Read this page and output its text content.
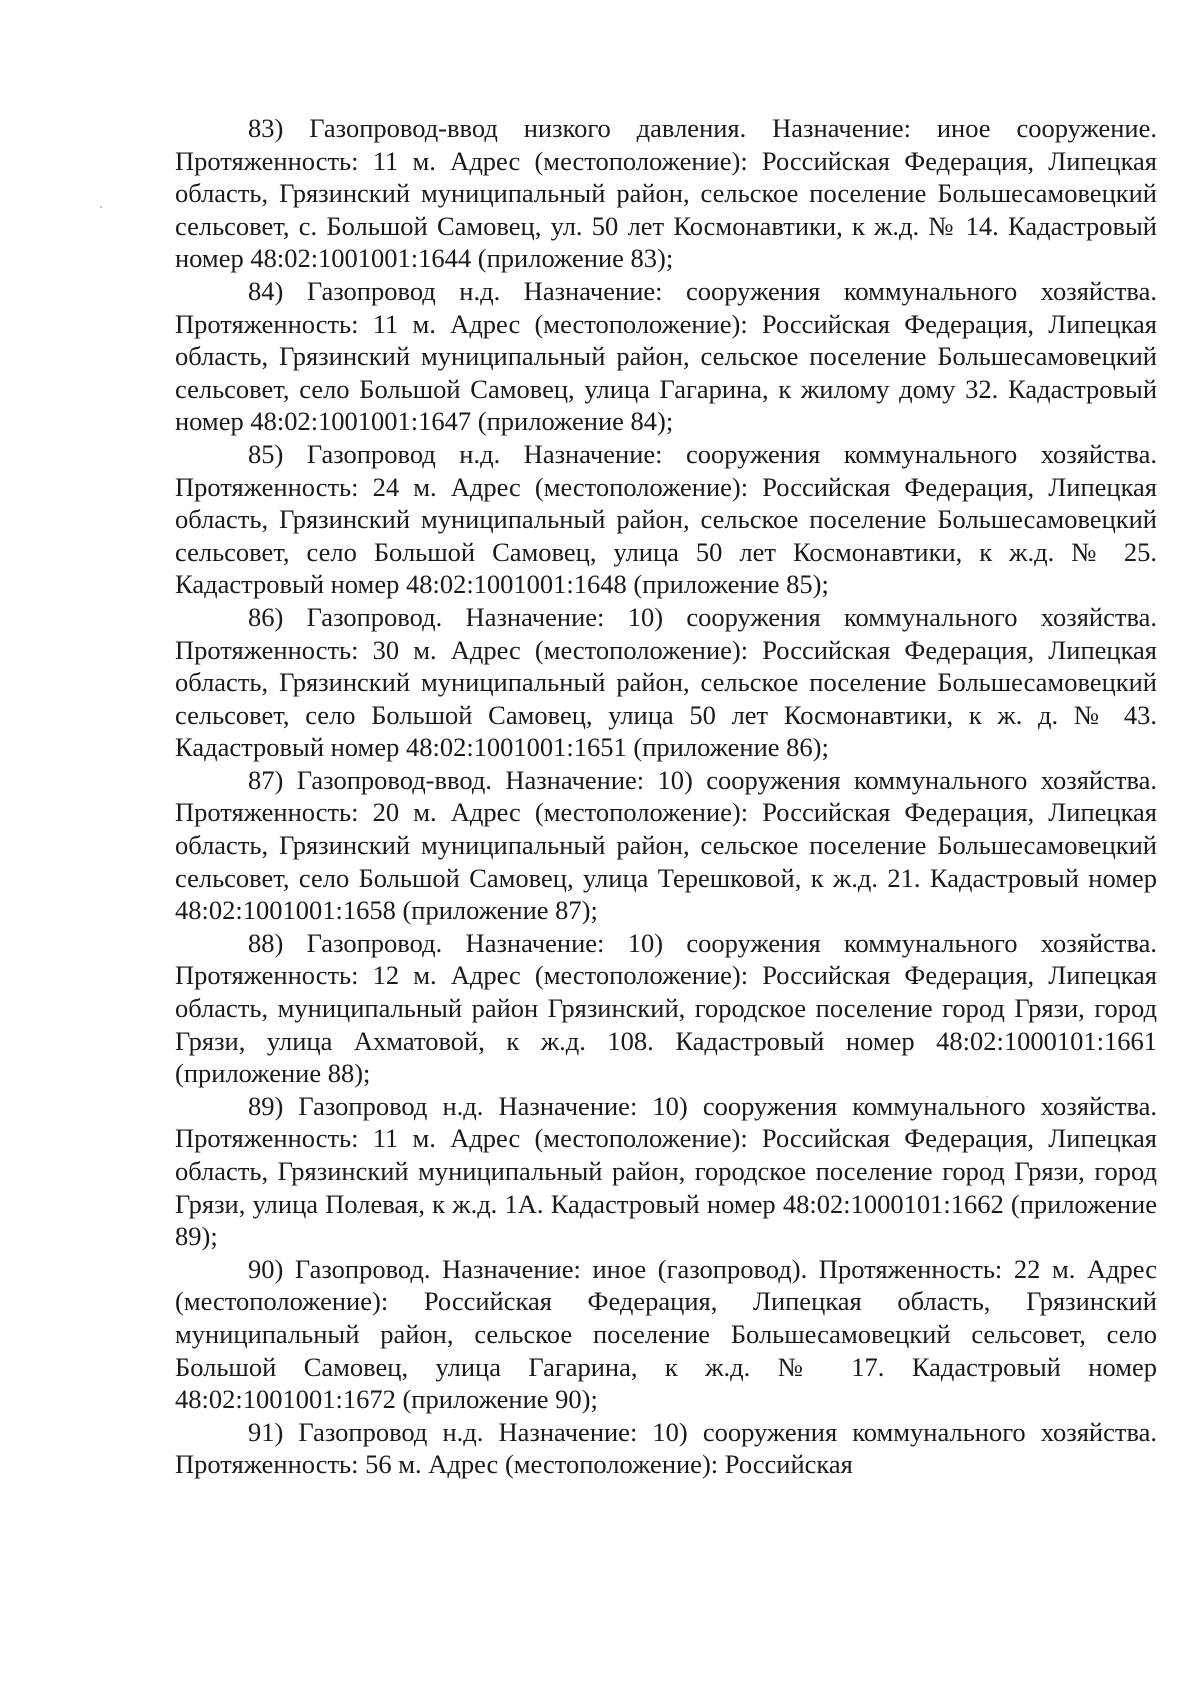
83) Газопровод-ввод низкого давления. Назначение: иное сооружение. Протяженность: 11 м. Адрес (местоположение): Российская Федерация, Липецкая область, Грязинский муниципальный район, сельское поселение Большесамовецкий сельсовет, с. Большой Самовец, ул. 50 лет Космонавтики, к ж.д. № 14. Кадастровый номер 48:02:1001001:1644 (приложение 83);

84) Газопровод н.д. Назначение: сооружения коммунального хозяйства. Протяженность: 11 м. Адрес (местоположение): Российская Федерация, Липецкая область, Грязинский муниципальный район, сельское поселение Большесамовецкий сельсовет, село Большой Самовец, улица Гагарина, к жилому дому 32. Кадастровый номер 48:02:1001001:1647 (приложение 84);

85) Газопровод н.д. Назначение: сооружения коммунального хозяйства. Протяженность: 24 м. Адрес (местоположение): Российская Федерация, Липецкая область, Грязинский муниципальный район, сельское поселение Большесамовецкий сельсовет, село Большой Самовец, улица 50 лет Космонавтики, к ж.д. № 25. Кадастровый номер 48:02:1001001:1648 (приложение 85);

86) Газопровод. Назначение: 10) сооружения коммунального хозяйства. Протяженность: 30 м. Адрес (местоположение): Российская Федерация, Липецкая область, Грязинский муниципальный район, сельское поселение Большесамовецкий сельсовет, село Большой Самовец, улица 50 лет Космонавтики, к ж. д. № 43. Кадастровый номер 48:02:1001001:1651 (приложение 86);

87) Газопровод-ввод. Назначение: 10) сооружения коммунального хозяйства. Протяженность: 20 м. Адрес (местоположение): Российская Федерация, Липецкая область, Грязинский муниципальный район, сельское поселение Большесамовецкий сельсовет, село Большой Самовец, улица Терешковой, к ж.д. 21. Кадастровый номер 48:02:1001001:1658 (приложение 87);

88) Газопровод. Назначение: 10) сооружения коммунального хозяйства. Протяженность: 12 м. Адрес (местоположение): Российская Федерация, Липецкая область, муниципальный район Грязинский, городское поселение город Грязи, город Грязи, улица Ахматовой, к ж.д. 108. Кадастровый номер 48:02:1000101:1661 (приложение 88);

89) Газопровод н.д. Назначение: 10) сооружения коммунального хозяйства. Протяженность: 11 м. Адрес (местоположение): Российская Федерация, Липецкая область, Грязинский муниципальный район, городское поселение город Грязи, город Грязи, улица Полевая, к ж.д. 1А. Кадастровый номер 48:02:1000101:1662 (приложение 89);

90) Газопровод. Назначение: иное (газопровод). Протяженность: 22 м. Адрес (местоположение): Российская Федерация, Липецкая область, Грязинский муниципальный район, сельское поселение Большесамовецкий сельсовет, село Большой Самовец, улица Гагарина, к ж.д. № 17. Кадастровый номер 48:02:1001001:1672 (приложение 90);

91) Газопровод н.д. Назначение: 10) сооружения коммунального хозяйства. Протяженность: 56 м. Адрес (местоположение): Российская
